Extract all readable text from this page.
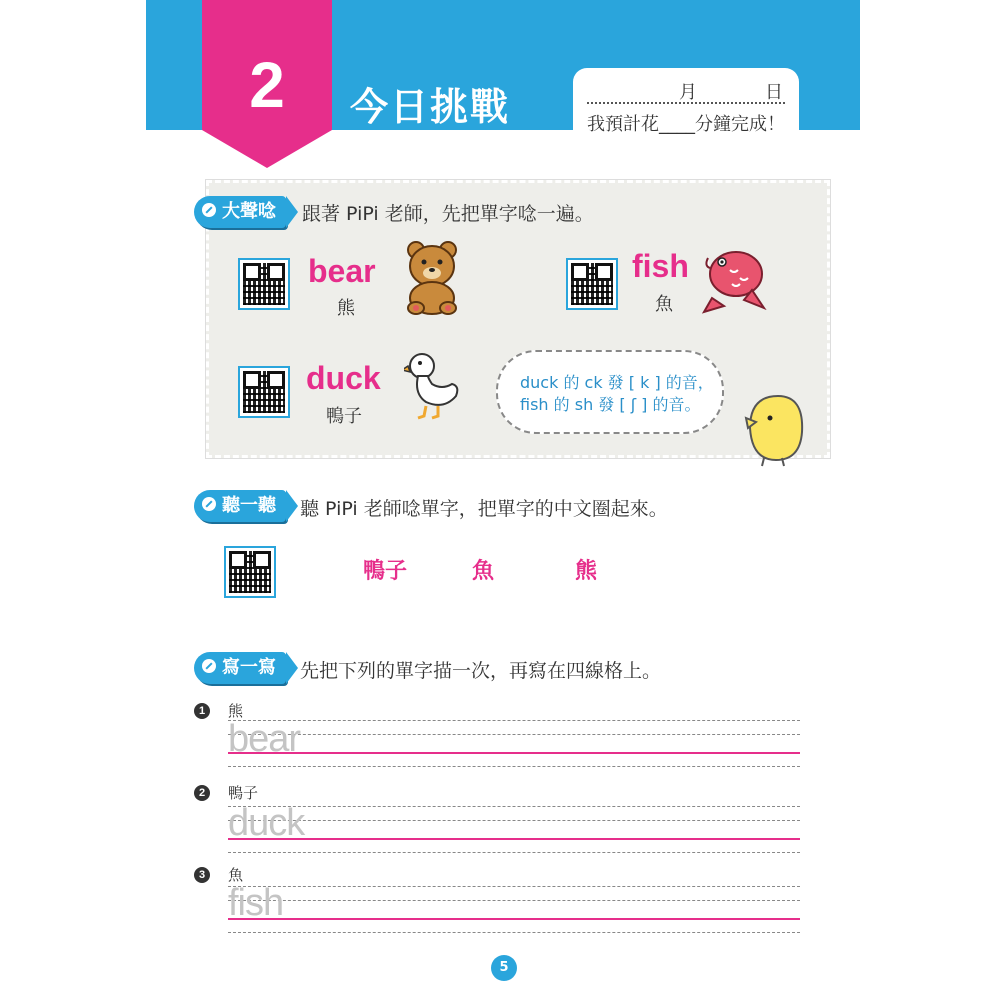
2	今日挑戰	月	日
我預計花____分鐘完成！
大聲唸	跟著 PiPi 老師，先把單字唸一遍。
bear
熊
fish
魚
duck
鴨子

duck 的 ck 發 [ k ] 的音，

fish 的 sh 發 [ ʃ ] 的音。

聽一聽	聽 PiPi 老師唸單字，把單字的中文圈起來。
鴨子	魚	熊
寫一寫	先把下列的單字描一次，再寫在四線格上。
1	熊
bear
2	鴨子
duck
3	魚
fish
5
